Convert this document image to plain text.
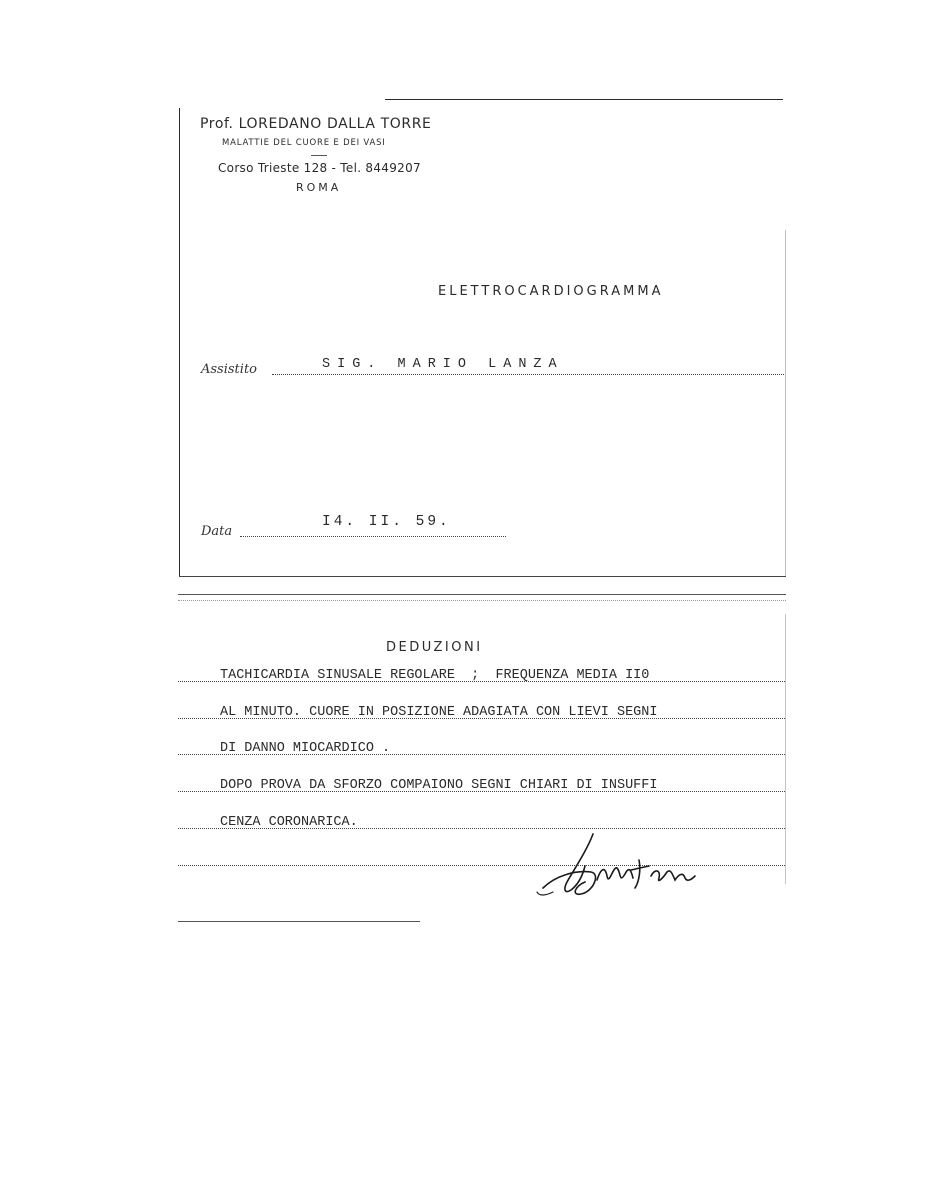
Prof. LOREDANO DALLA TORRE
MALATTIE DEL CUORE E DEI VASI
Corso Trieste 128 - Tel. 8449207
ROMA
ELETTROCARDIOGRAMMA
Assistito	SIG. MARIO LANZA
Data
I4. II. 59.
DEDUZIONI
TACHICARDIA SINUSALE REGOLARE  ;  FREQUENZA MEDIA II0
AL MINUTO. CUORE IN POSIZIONE ADAGIATA CON LIEVI SEGNI
DI DANNO MIOCARDICO .
DOPO PROVA DA SFORZO COMPAIONO SEGNI CHIARI DI INSUFFI
CENZA CORONARICA.
